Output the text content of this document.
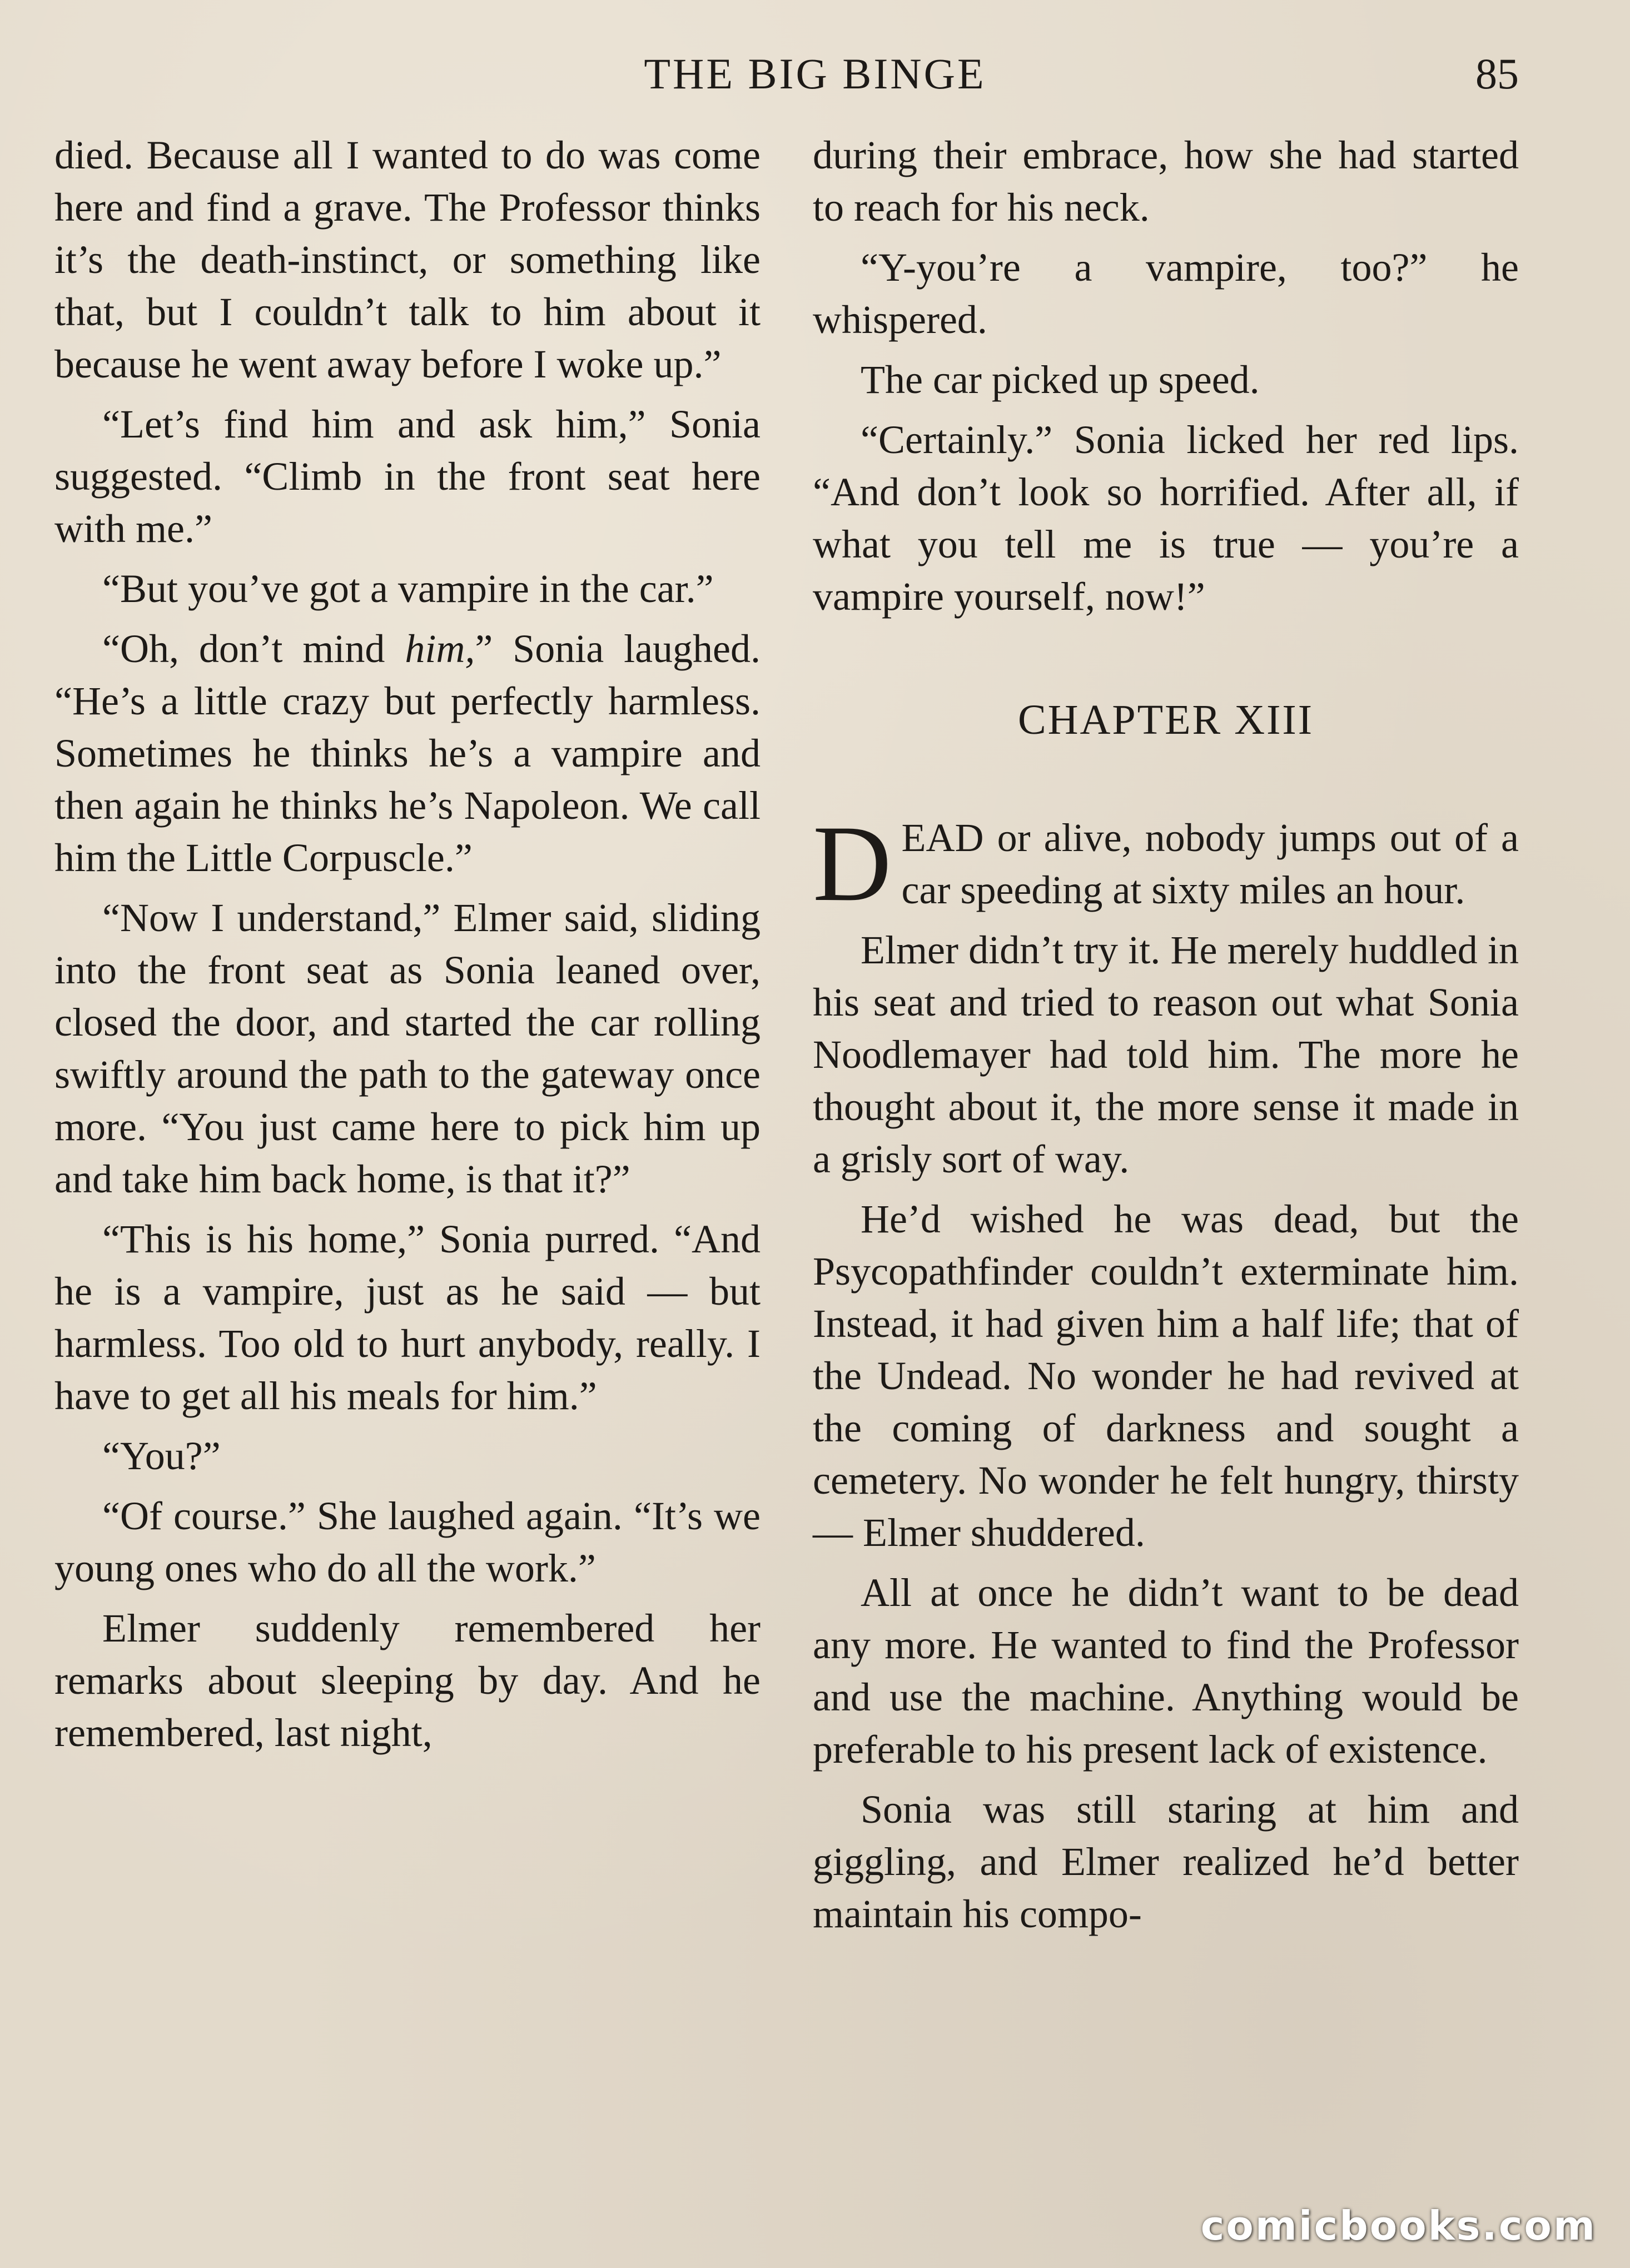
THE BIG BINGE	85

died. Because all I wanted to do was come here and find a grave. The Professor thinks it’s the death-instinct, or something like that, but I couldn’t talk to him about it because he went away before I woke up.”

“Let’s find him and ask him,” Sonia suggested. “Climb in the front seat here with me.”

“But you’ve got a vampire in the car.”

“Oh, don’t mind him,” Sonia laughed. “He’s a little crazy but perfectly harmless. Sometimes he thinks he’s a vampire and then again he thinks he’s Napoleon. We call him the Little Corpuscle.”

“Now I understand,” Elmer said, sliding into the front seat as Sonia leaned over, closed the door, and started the car rolling swiftly around the path to the gateway once more. “You just came here to pick him up and take him back home, is that it?”

“This is his home,” Sonia purred. “And he is a vampire, just as he said — but harmless. Too old to hurt anybody, really. I have to get all his meals for him.”

“You?”

“Of course.” She laughed again. “It’s we young ones who do all the work.”

Elmer suddenly remembered her remarks about sleeping by day. And he remembered, last night,

during their embrace, how she had started to reach for his neck.

“Y-you’re a vampire, too?” he whispered.

The car picked up speed.

“Certainly.” Sonia licked her red lips. “And don’t look so horrified. After all, if what you tell me is true — you’re a vampire yourself, now!”

CHAPTER XIII

DEAD or alive, nobody jumps out of a car speeding at sixty miles an hour.

Elmer didn’t try it. He merely huddled in his seat and tried to reason out what Sonia Noodlemayer had told him. The more he thought about it, the more sense it made in a grisly sort of way.

He’d wished he was dead, but the Psycopathfinder couldn’t exterminate him. Instead, it had given him a half life; that of the Undead. No wonder he had revived at the coming of darkness and sought a cemetery. No wonder he felt hungry, thirsty — Elmer shuddered.

All at once he didn’t want to be dead any more. He wanted to find the Professor and use the machine. Anything would be preferable to his present lack of existence.

Sonia was still staring at him and giggling, and Elmer realized he’d better maintain his compo-

comicbooks.com
